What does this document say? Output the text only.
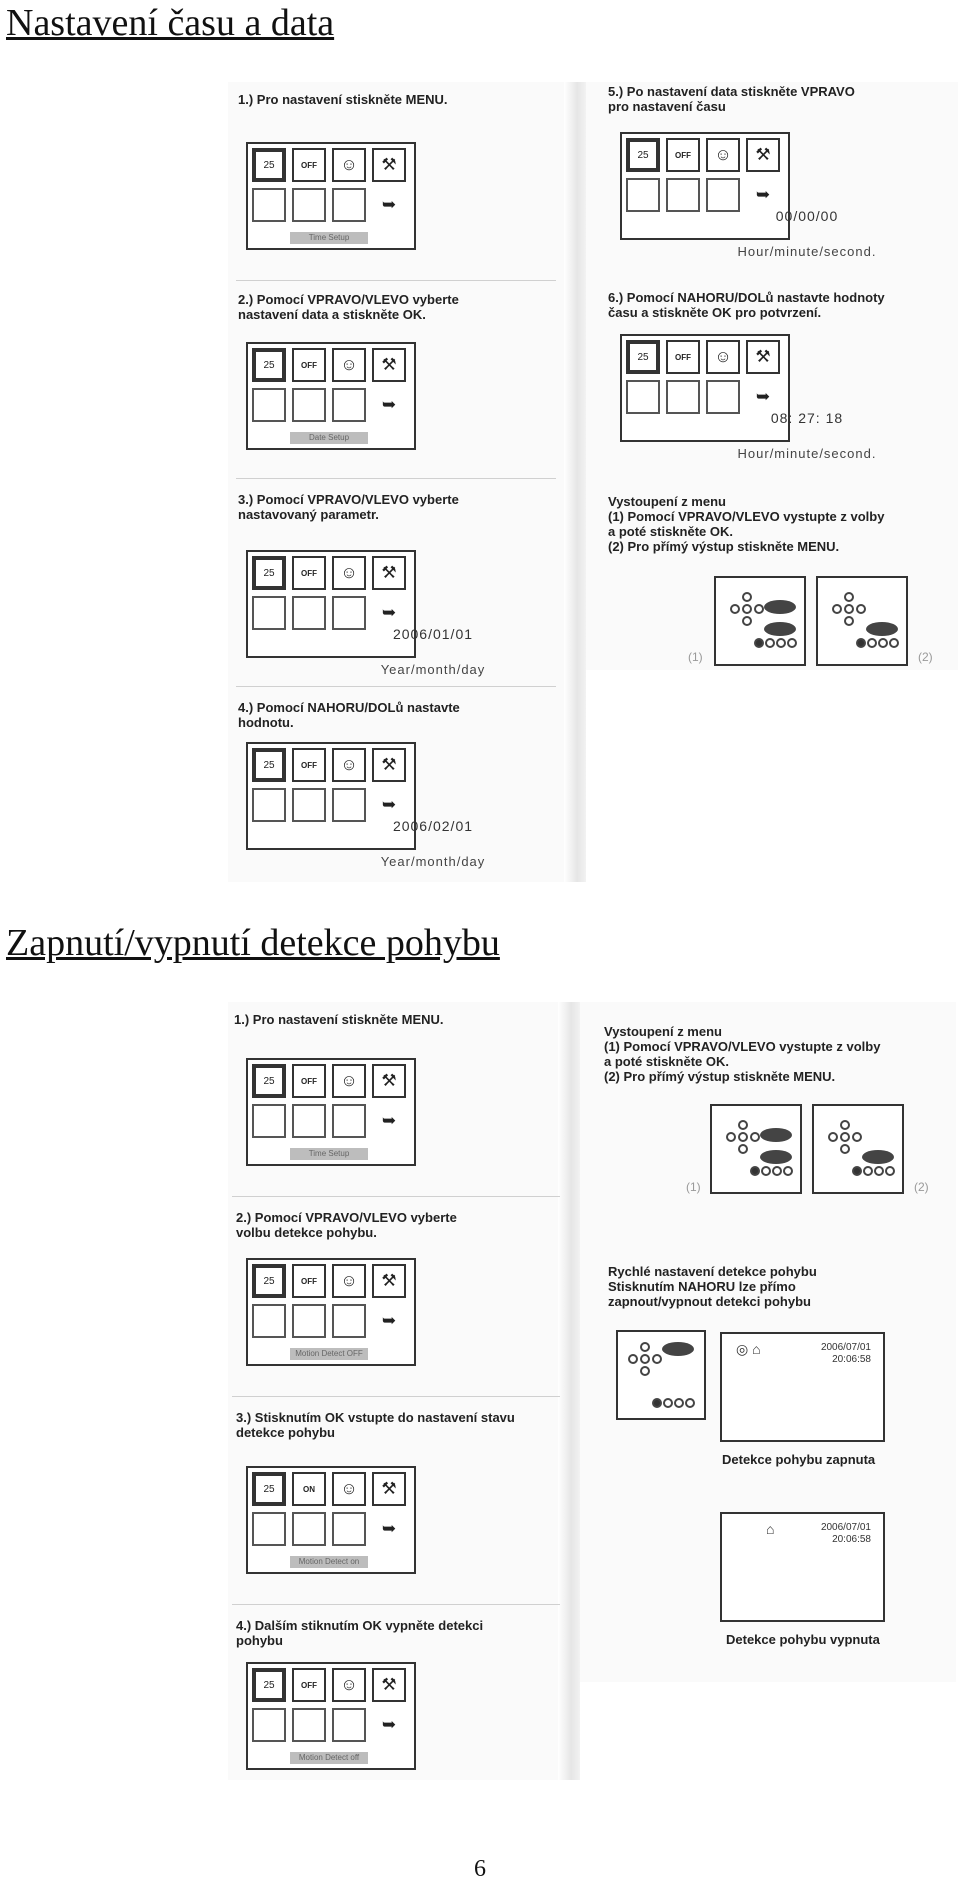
Nastavení času a data
Zapnutí/vypnutí detekce pohybu
1.) Pro nastavení stiskněte MENU.
25	OFF	☺	⚒
➥
Time Setup
2.) Pomocí VPRAVO/VLEVO vyberte
nastavení data a stiskněte OK.
25	OFF	☺	⚒
➥
Date Setup
3.) Pomocí VPRAVO/VLEVO vyberte
nastavovaný parametr.
25	OFF	☺	⚒
➥
2006/01/01
Year/month/day
4.) Pomocí NAHORU/DOLů nastavte
hodnotu.
25	OFF	☺	⚒
➥
2006/02/01
Year/month/day
5.) Po nastavení data stiskněte VPRAVO
pro nastavení času
25	OFF	☺	⚒
➥
00/00/00
Hour/minute/second.
6.) Pomocí NAHORU/DOLů nastavte hodnoty
času a stiskněte OK pro potvrzení.
25	OFF	☺	⚒
➥
08: 27: 18
Hour/minute/second.
Vystoupení z menu
(1) Pomocí VPRAVO/VLEVO vystupte z volby
a poté stiskněte OK.
(2) Pro přímý výstup stiskněte MENU.
(1)	(2)
1.) Pro nastavení stiskněte MENU.
25	OFF	☺	⚒
➥
Time Setup
2.) Pomocí VPRAVO/VLEVO vyberte
volbu detekce pohybu.
25	OFF	☺	⚒
➥
Motion Detect OFF
3.) Stisknutím OK vstupte do nastavení stavu
detekce pohybu
25	ON	☺	⚒
➥
Motion Detect on
4.) Dalším stiknutím OK vypněte detekci
pohybu
25	OFF	☺	⚒
➥
Motion Detect off
Vystoupení z menu
(1) Pomocí VPRAVO/VLEVO vystupte z volby
a poté stiskněte OK.
(2) Pro přímý výstup stiskněte MENU.
(1)	(2)
Rychlé nastavení detekce pohybu
Stisknutím NAHORU lze přímo
zapnout/vypnout detekci pohybu
◎ ⌂	2006/07/01
20:06:58
Detekce pohybu zapnuta
⌂	2006/07/01
20:06:58
Detekce pohybu vypnuta
6
